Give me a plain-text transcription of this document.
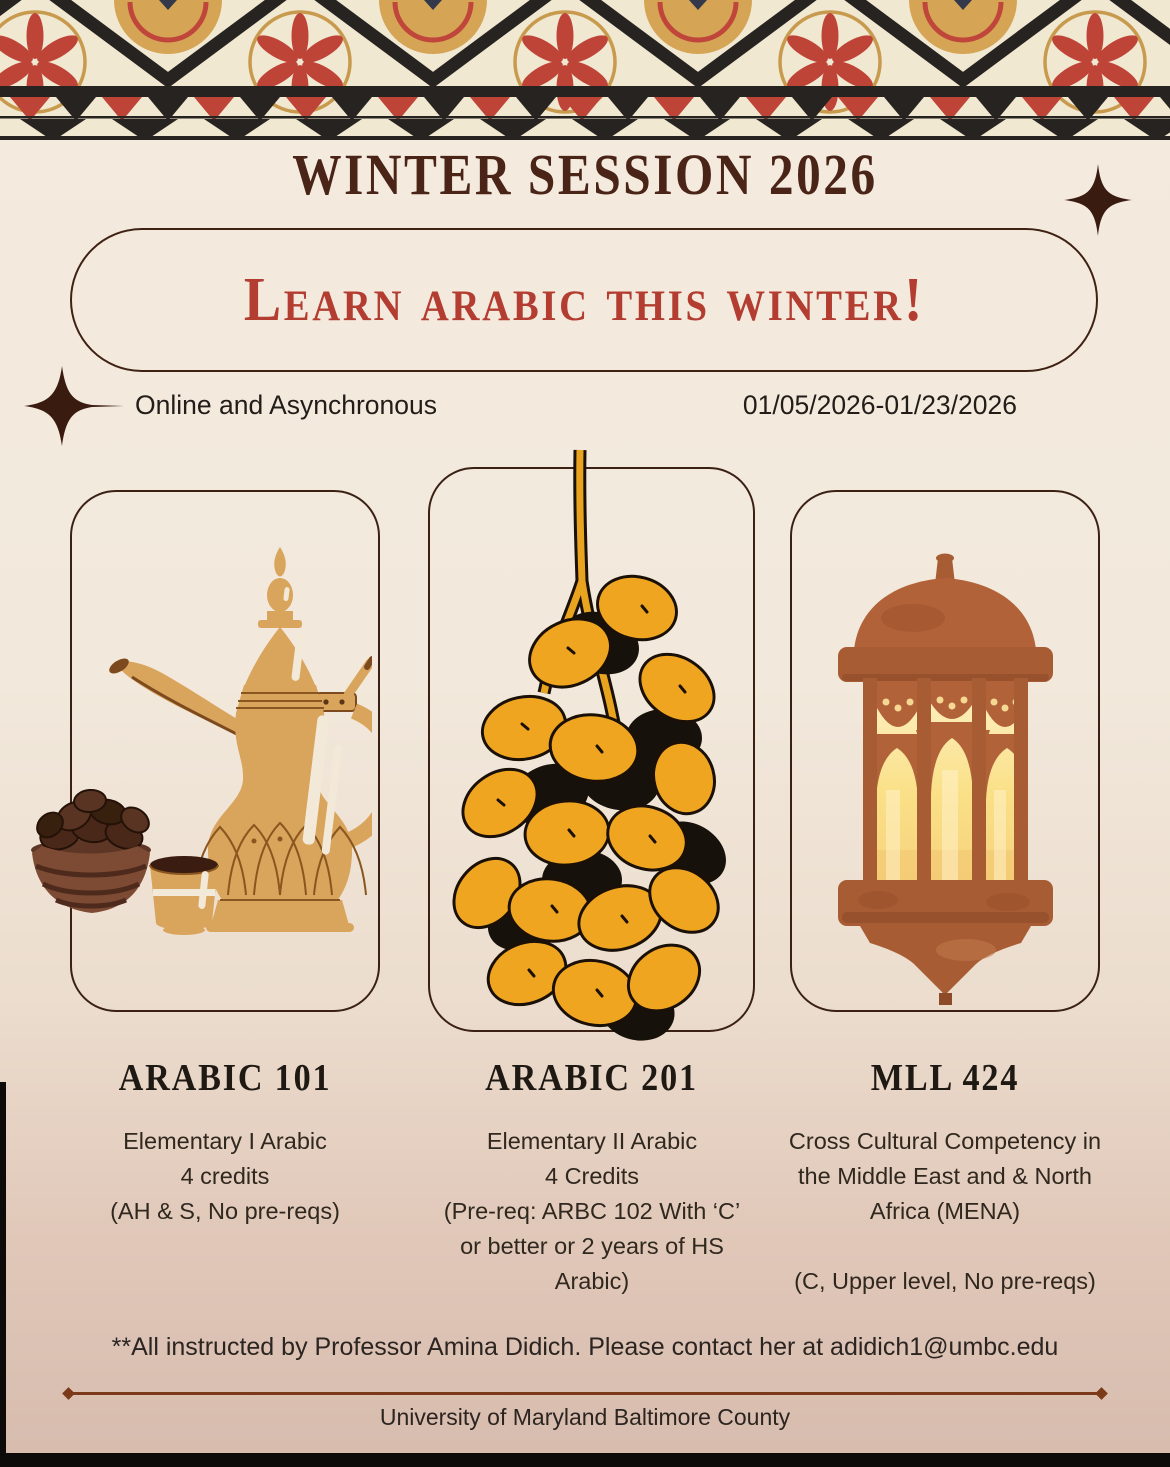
WINTER SESSION 2026
Learn arabic this winter!
Online and Asynchronous	01/05/2026-01/23/2026
ARABIC 101	ARABIC 201	MLL 424
Elementary I Arabic
4 credits
(AH & S, No pre-reqs)
Elementary II Arabic
4 Credits
(Pre-req: ARBC 102 With ‘C’
or better or 2 years of HS
Arabic)
Cross Cultural Competency in
the Middle East and & North
Africa (MENA)
(C, Upper level, No pre-reqs)
**All instructed by Professor Amina Didich. Please contact her at adidich1@umbc.edu
University of Maryland Baltimore County
